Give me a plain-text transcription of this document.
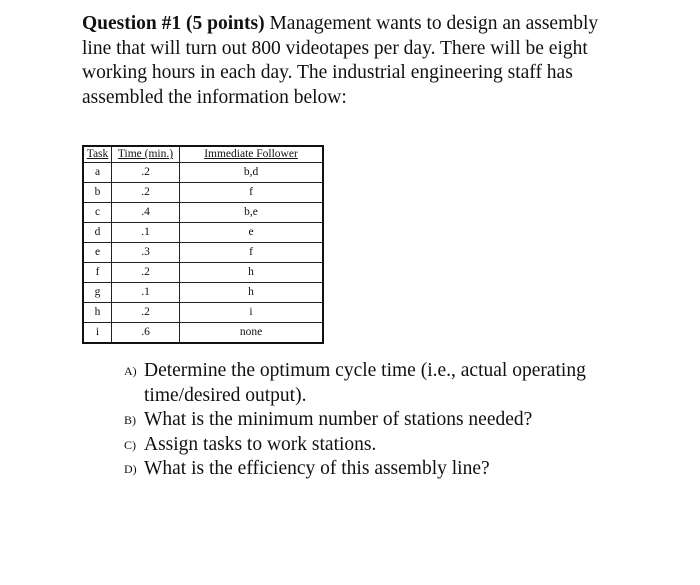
Question #1 (5 points) Management wants to design an assembly line that will turn out 800 videotapes per day. There will be eight working hours in each day. The industrial engineering staff has assembled the information below:
Task	Time (min.)	Immediate Follower
a	.2	b,d
b	.2	f
c	.4	b,e
d	.1	e
e	.3	f
f	.2	h
g	.1	h
h	.2	i
i	.6	none
A) Determine the optimum cycle time (i.e., actual operating
time/desired output).
B) What is the minimum number of stations needed?
C) Assign tasks to work stations.
D) What is the efficiency of this assembly line?
